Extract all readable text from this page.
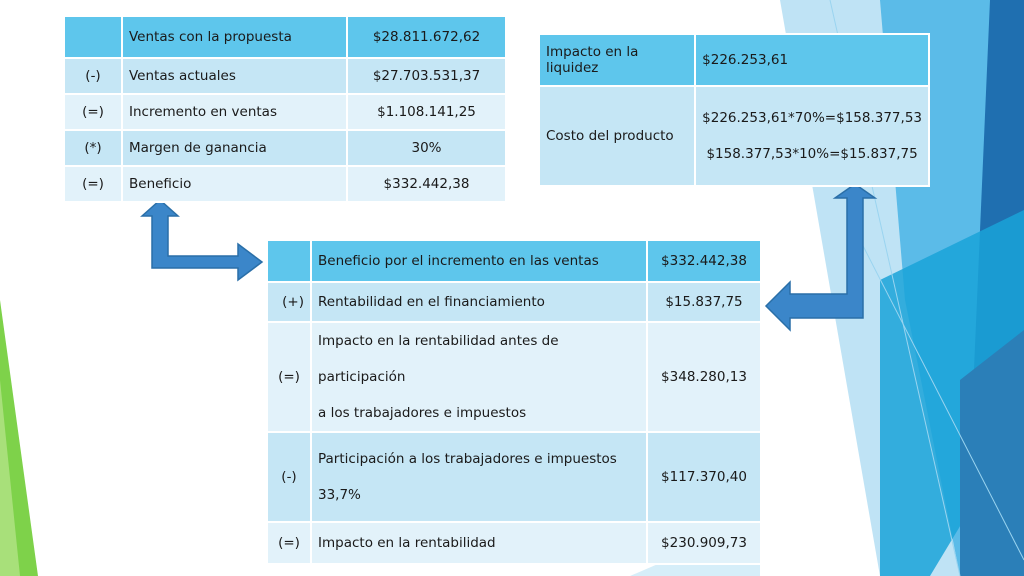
	Ventas con la propuesta	$28.811.672,62
(-)	Ventas actuales	$27.703.531,37
(=)	Incremento en ventas	$1.108.141,25
(*)	Margen de ganancia	30%
(=)	Beneficio	$332.442,38
Impacto en la liquidez	$226.253,61
Costo del producto	$226.253,61*70%=$158.377,53
$158.377,53*10%=$15.837,75
	Beneficio por el incremento en las ventas	$332.442,38
(+)	Rentabilidad en el financiamiento	$15.837,75
(=)	Impacto en la rentabilidad antes de participación
a los trabajadores e impuestos	$348.280,13
(-)	Participación a los trabajadores e impuestos
33,7%	$117.370,40
(=)	Impacto en la rentabilidad	$230.909,73
